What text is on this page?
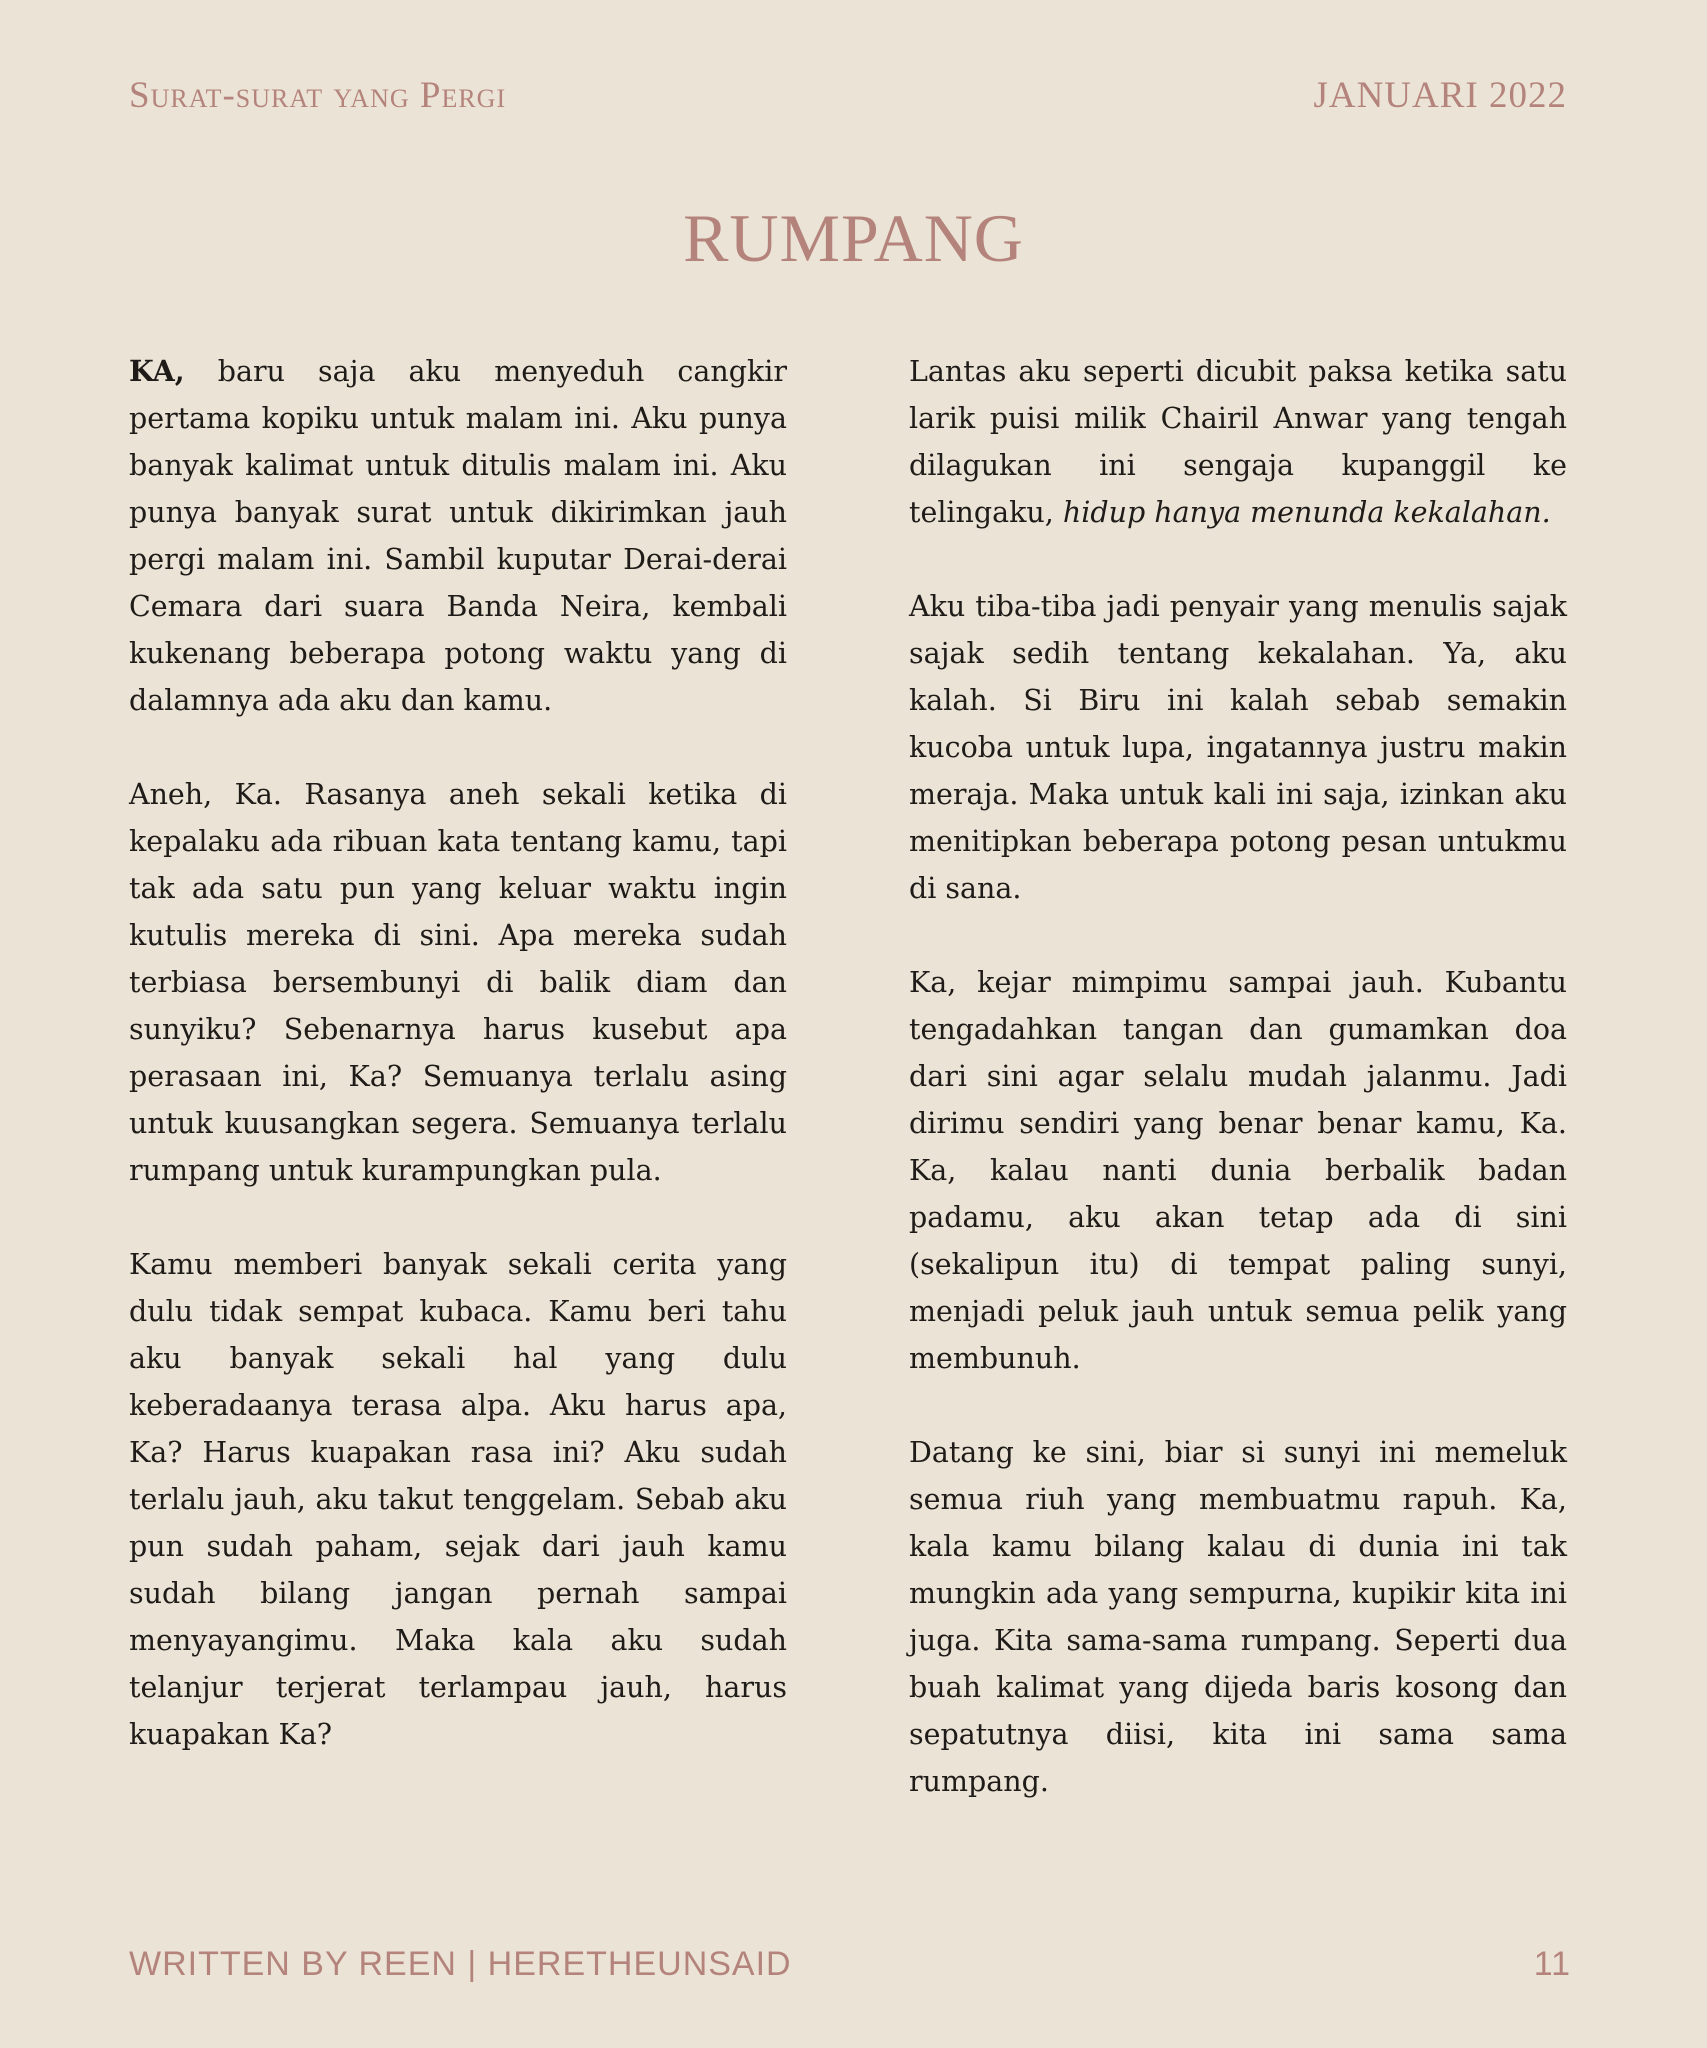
Surat-surat yang Pergi	JANUARI 2022
RUMPANG

KA, baru saja aku menyeduh cangkir pertama kopiku untuk malam ini. Aku punya banyak kalimat untuk ditulis malam ini. Aku punya banyak surat untuk dikirimkan jauh pergi malam ini. Sambil kuputar Derai-derai Cemara dari suara Banda Neira, kembali kukenang beberapa potong waktu yang di dalamnya ada aku dan kamu.

Aneh, Ka. Rasanya aneh sekali ketika di kepalaku ada ribuan kata tentang kamu, tapi tak ada satu pun yang keluar waktu ingin kutulis mereka di sini. Apa mereka sudah terbiasa bersembunyi di balik diam dan sunyiku? Sebenarnya harus kusebut apa perasaan ini, Ka? Semuanya terlalu asing untuk kuusangkan segera. Semuanya terlalu rumpang untuk kurampungkan pula.

Kamu memberi banyak sekali cerita yang dulu tidak sempat kubaca. Kamu beri tahu aku banyak sekali hal yang dulu keberadaanya terasa alpa. Aku harus apa, Ka? Harus kuapakan rasa ini? Aku sudah terlalu jauh, aku takut tenggelam. Sebab aku pun sudah paham, sejak dari jauh kamu sudah bilang jangan pernah sampai menyayangimu. Maka kala aku sudah telanjur terjerat terlampau jauh, harus kuapakan Ka?

Lantas aku seperti dicubit paksa ketika satu larik puisi milik Chairil Anwar yang tengah dilagukan ini sengaja kupanggil ke telingaku, hidup hanya menunda kekalahan.

Aku tiba-tiba jadi penyair yang menulis sajak sajak sedih tentang kekalahan. Ya, aku kalah. Si Biru ini kalah sebab semakin kucoba untuk lupa, ingatannya justru makin meraja. Maka untuk kali ini saja, izinkan aku menitipkan beberapa potong pesan untukmu di sana.

Ka, kejar mimpimu sampai jauh. Kubantu tengadahkan tangan dan gumamkan doa dari sini agar selalu mudah jalanmu. Jadi dirimu sendiri yang benar benar kamu, Ka. Ka, kalau nanti dunia berbalik badan padamu, aku akan tetap ada di sini (sekalipun itu) di tempat paling sunyi, menjadi peluk jauh untuk semua pelik yang membunuh.

Datang ke sini, biar si sunyi ini memeluk semua riuh yang membuatmu rapuh. Ka, kala kamu bilang kalau di dunia ini tak mungkin ada yang sempurna, kupikir kita ini juga. Kita sama-sama rumpang. Seperti dua buah kalimat yang dijeda baris kosong dan sepatutnya diisi, kita ini sama sama rumpang.

WRITTEN BY REEN | HERETHEUNSAID	11
